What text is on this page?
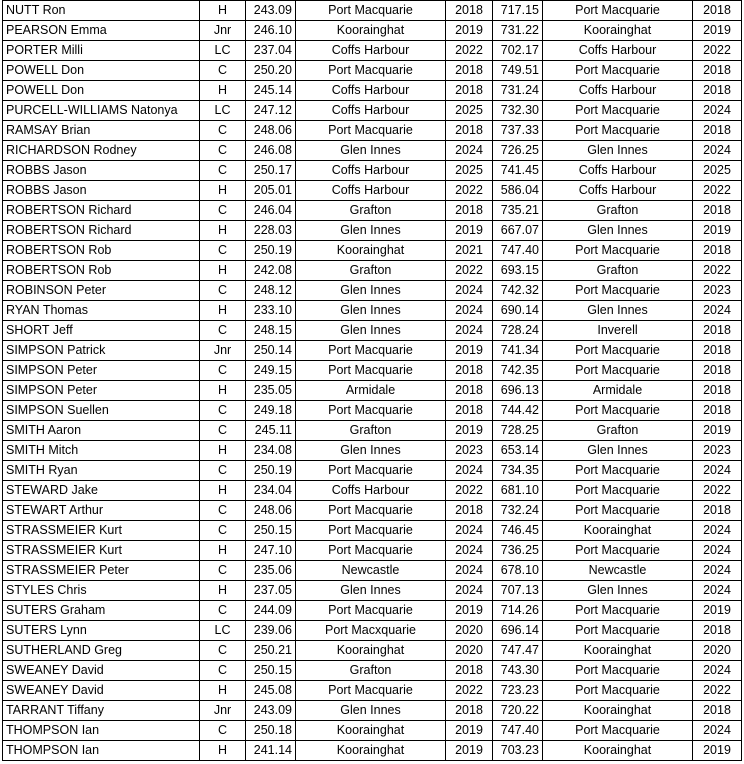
NUTT Ron	H	243.09	Port Macquarie	2018	717.15	Port Macquarie	2018
PEARSON Emma	Jnr	246.10	Koorainghat	2019	731.22	Koorainghat	2019
PORTER Milli	LC	237.04	Coffs Harbour	2022	702.17	Coffs Harbour	2022
POWELL Don	C	250.20	Port Macquarie	2018	749.51	Port Macquarie	2018
POWELL Don	H	245.14	Coffs Harbour	2018	731.24	Coffs Harbour	2018
PURCELL-WILLIAMS Natonya	LC	247.12	Coffs Harbour	2025	732.30	Port Macquarie	2024
RAMSAY Brian	C	248.06	Port Macquarie	2018	737.33	Port Macquarie	2018
RICHARDSON Rodney	C	246.08	Glen Innes	2024	726.25	Glen Innes	2024
ROBBS Jason	C	250.17	Coffs Harbour	2025	741.45	Coffs Harbour	2025
ROBBS Jason	H	205.01	Coffs Harbour	2022	586.04	Coffs Harbour	2022
ROBERTSON Richard	C	246.04	Grafton	2018	735.21	Grafton	2018
ROBERTSON Richard	H	228.03	Glen Innes	2019	667.07	Glen Innes	2019
ROBERTSON Rob	C	250.19	Koorainghat	2021	747.40	Port Macquarie	2018
ROBERTSON Rob	H	242.08	Grafton	2022	693.15	Grafton	2022
ROBINSON Peter	C	248.12	Glen Innes	2024	742.32	Port Macquarie	2023
RYAN Thomas	H	233.10	Glen Innes	2024	690.14	Glen Innes	2024
SHORT Jeff	C	248.15	Glen Innes	2024	728.24	Inverell	2018
SIMPSON Patrick	Jnr	250.14	Port Macquarie	2019	741.34	Port Macquarie	2018
SIMPSON Peter	C	249.15	Port Macquarie	2018	742.35	Port Macquarie	2018
SIMPSON Peter	H	235.05	Armidale	2018	696.13	Armidale	2018
SIMPSON Suellen	C	249.18	Port Macquarie	2018	744.42	Port Macquarie	2018
SMITH Aaron	C	245.11	Grafton	2019	728.25	Grafton	2019
SMITH Mitch	H	234.08	Glen Innes	2023	653.14	Glen Innes	2023
SMITH Ryan	C	250.19	Port Macquarie	2024	734.35	Port Macquarie	2024
STEWARD Jake	H	234.04	Coffs Harbour	2022	681.10	Port Macquarie	2022
STEWART Arthur	C	248.06	Port Macquarie	2018	732.24	Port Macquarie	2018
STRASSMEIER Kurt	C	250.15	Port Macquarie	2024	746.45	Koorainghat	2024
STRASSMEIER Kurt	H	247.10	Port Macquarie	2024	736.25	Port Macquarie	2024
STRASSMEIER Peter	C	235.06	Newcastle	2024	678.10	Newcastle	2024
STYLES Chris	H	237.05	Glen Innes	2024	707.13	Glen Innes	2024
SUTERS Graham	C	244.09	Port Macquarie	2019	714.26	Port Macquarie	2019
SUTERS Lynn	LC	239.06	Port Macxquarie	2020	696.14	Port Macquarie	2018
SUTHERLAND Greg	C	250.21	Koorainghat	2020	747.47	Koorainghat	2020
SWEANEY David	C	250.15	Grafton	2018	743.30	Port Macquarie	2024
SWEANEY David	H	245.08	Port Macquarie	2022	723.23	Port Macquarie	2022
TARRANT Tiffany	Jnr	243.09	Glen Innes	2018	720.22	Koorainghat	2018
THOMPSON Ian	C	250.18	Koorainghat	2019	747.40	Port Macquarie	2024
THOMPSON Ian	H	241.14	Koorainghat	2019	703.23	Koorainghat	2019
